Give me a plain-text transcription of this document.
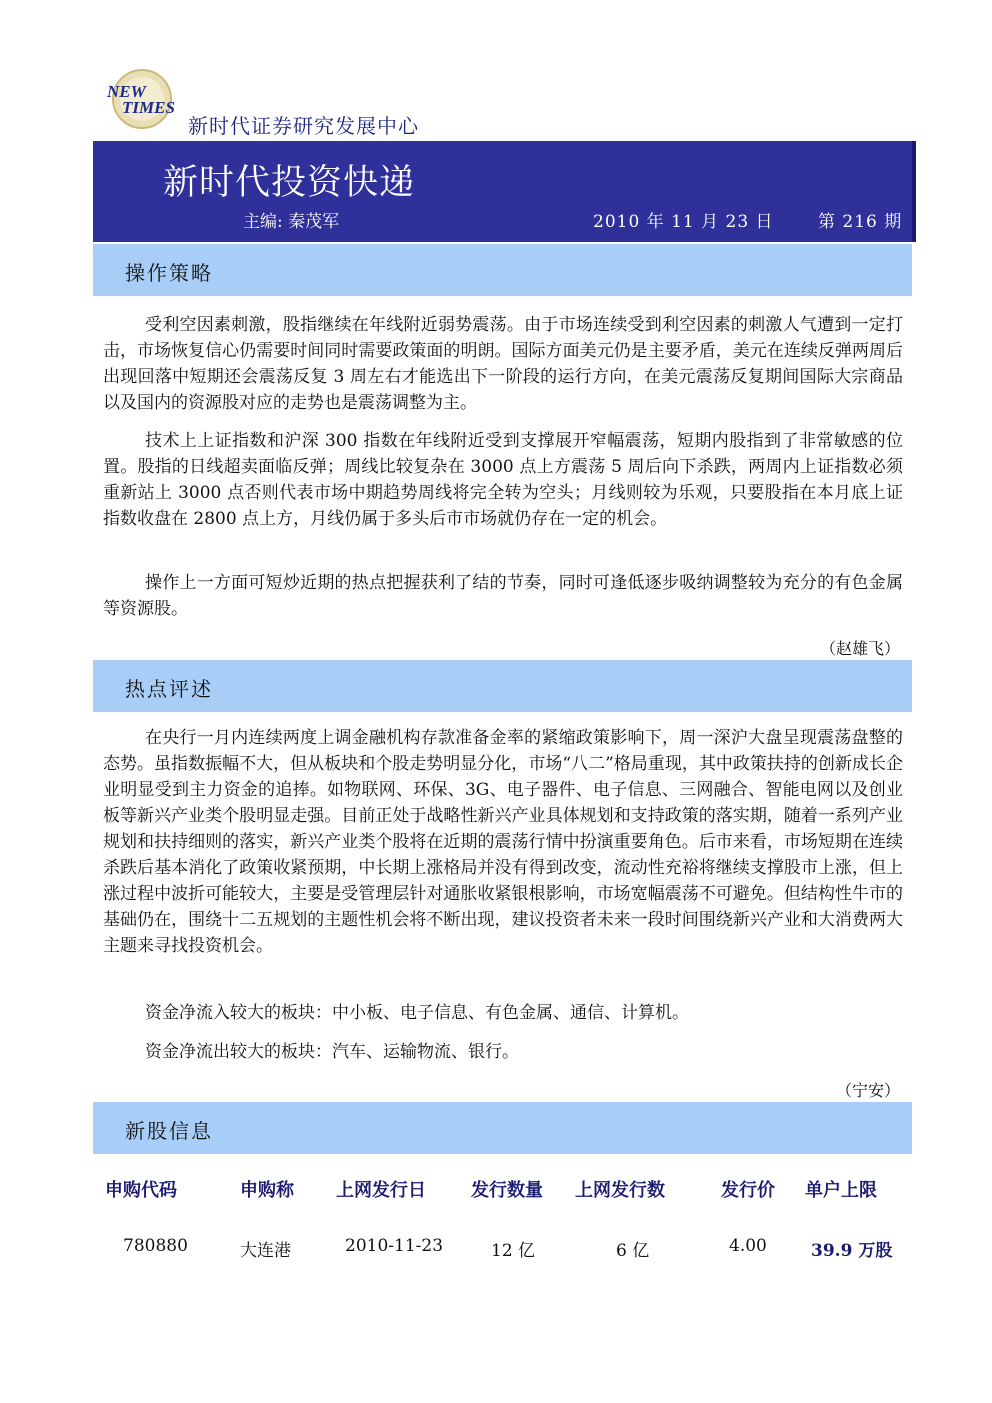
NEW
TIMES
新时代证券研究发展中心
新时代投资快递
主编: 秦茂军	2010 年 11 月 23 日	第 216 期
操作策略

受利空因素刺激，股指继续在年线附近弱势震荡。由于市场连续受到利空因素的刺激人气遭到一定打击，市场恢复信心仍需要时间同时需要政策面的明朗。国际方面美元仍是主要矛盾，美元在连续反弹两周后出现回落中短期还会震荡反复 3 周左右才能选出下一阶段的运行方向，在美元震荡反复期间国际大宗商品以及国内的资源股对应的走势也是震荡调整为主。

技术上上证指数和沪深 300 指数在年线附近受到支撑展开窄幅震荡，短期内股指到了非常敏感的位置。股指的日线超卖面临反弹；周线比较复杂在 3000 点上方震荡 5 周后向下杀跌，两周内上证指数必须重新站上 3000 点否则代表市场中期趋势周线将完全转为空头；月线则较为乐观，只要股指在本月底上证指数收盘在 2800 点上方，月线仍属于多头后市市场就仍存在一定的机会。

操作上一方面可短炒近期的热点把握获利了结的节奏，同时可逢低逐步吸纳调整较为充分的有色金属等资源股。

（赵雄飞）
热点评述

在央行一月内连续两度上调金融机构存款准备金率的紧缩政策影响下，周一深沪大盘呈现震荡盘整的态势。虽指数振幅不大，但从板块和个股走势明显分化，市场“八二”格局重现，其中政策扶持的创新成长企业明显受到主力资金的追捧。如物联网、环保、3G、电子器件、电子信息、三网融合、智能电网以及创业板等新兴产业类个股明显走强。目前正处于战略性新兴产业具体规划和支持政策的落实期，随着一系列产业规划和扶持细则的落实，新兴产业类个股将在近期的震荡行情中扮演重要角色。后市来看，市场短期在连续杀跌后基本消化了政策收紧预期，中长期上涨格局并没有得到改变，流动性充裕将继续支撑股市上涨，但上涨过程中波折可能较大，主要是受管理层针对通胀收紧银根影响，市场宽幅震荡不可避免。但结构性牛市的基础仍在，围绕十二五规划的主题性机会将不断出现，建议投资者未来一段时间围绕新兴产业和大消费两大主题来寻找投资机会。

资金净流入较大的板块：中小板、电子信息、有色金属、通信、计算机。

资金净流出较大的板块：汽车、运输物流、银行。

（宁安）
新股信息
申购代码	申购称 上网发行日	发行数量 上网发行数	发行价 单户上限
780880	大连港	2010-11-23	12 亿	6 亿	4.00	39.9 万股
